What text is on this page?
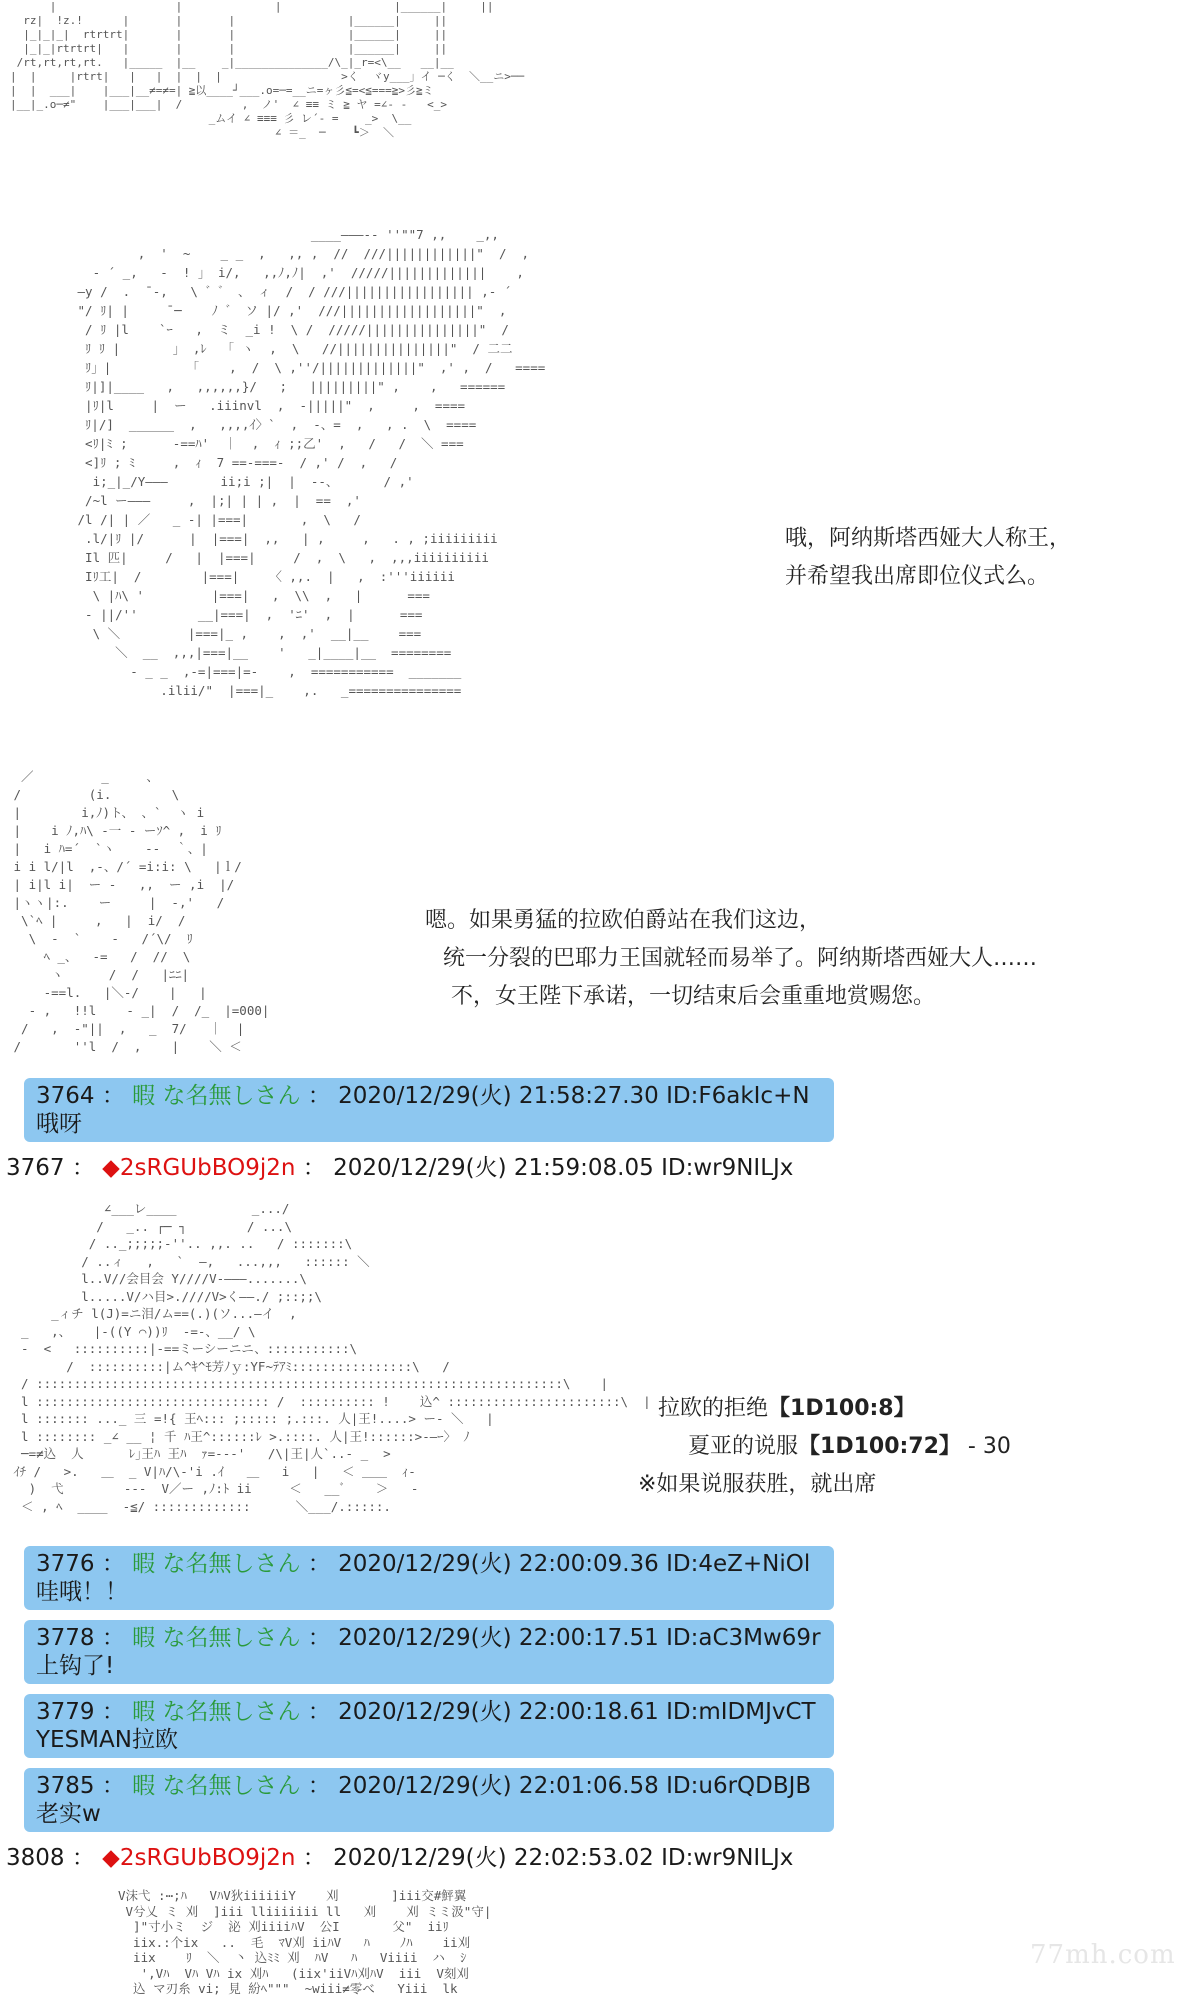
|                  |              |                 |______|     ||
rz|  !z.!      |       |       |                 |______|     ||
|_|_|_|  rtrtrt|       |       |                 |______|     ||
|_|_|rtrtrt|   |       |       |                 |______|     ||
/rt,rt,rt,rt.   |_____  |__    _|______________/\_|_r=<\__   __|__
|  |     |rtrt|   |   |  |  |  |                  >く  ヾy___」イ ─く  ＼__ニ>──
|  |  ___|    |___|__≠=≠=| ≧以____┘___.o=─=__ニ=ヶ彡≦=<≦===≧>彡≧ミ
|__|_.o─≠"    |___|___|  /         ,  ノ'  ∠ ≡≡ ミ ≧ ヤ =∠‐ ‐   <_>
_ムイ ∠ ≡≡≡ 彡 レ´‐ =    _>  \__
∠ ＝_  ─    ┗＞  ＼
____―――‐‐ ''""7 ,,    _,,
,  '  ~    _ _  ,   ,, ,  //  ///||||||||||||"  /  ,
‐ ´ _,   -  ! 」 i/,   ,,ﾉ,ﾉ|  ,'  /////|||||||||||||    ,
―y /  .  ̄ -,   \ ゛゛ 、 ィ  /  / ///||||||||||||||||| ,‐ ´
"/ ﾘ| |     ̄ ─    ﾉ ゛ ソ |/ ,'  ///||||||||||||||||||"  ,
/ ﾘ |l    `ｰ   ,  ミ  _i !  \ /  /////|||||||||||||||"  /
ﾘ ﾘ |       」 ,ﾚ  「 ヽ  ,  \   //|||||||||||||||"  / 二二
ﾘ」|          「    ,  /  \ ,''/|||||||||||||"  ,' ,  /   ====
ﾘ|]|____   ,   ,,,,,,}/   ;   |||||||||" ,    ,   ======
|ﾘ|l     |  ー   .iiinvl  ,  ‐|||||"  ,     ,  ====
ﾘ|/]  ______  ,   ,,,,ｲ〉`  ,  ‐、=  ,   , .  \  ====
<ﾘ|ﾐ ;      ‐==ﾊ'  ｜  ,  ｨ ;;乙'  ,   /   /  ＼ ===
<]ﾘ ; ﾐ     ,  ｨ  7 ==-===-  / ,' /  ,   /
i;_|_/Y―――       ii;i ;|  |  ‐-、      / ,'
/~l ー―――     ,  |;| | | ,  |  ==  ,'
/l /| | ／   _ ‐| |===|       ,  \   /
.l/|ﾘ |/      |  |===|  ,,   | ,     ,   . , ;iiiiiiiii
Il 匹|     /   |  |===|     /  ,  \   ,  ,,,iiiiiiiiii
Iﾘ工|  /        |===|    〈 ,,.  |   ,  :'''iiiiii
\ |ﾊ\ '         |===|   ,  \\  ,   |      ===
‐ ||/''        __|===|  ,  'ﾆ'  ,  |      ===
\ ＼         |===|_ ,    ,  ,'  __|__    ===
＼  __  ,,,|===|__    '   _|____|__  ========
‐ _ _  ,-=|===|=-    ,  ===========  _______
.ilii/"  |===|_    ,.   _===============
哦，阿纳斯塔西娅大人称王，
并希望我出席即位仪式么。
／         _     、
/         (i.        \
|        i,ﾉ)ト、 、`  ヽ i
|    i ﾉ,ﾊ\ ‐一 - ーｿ^ ,  i ﾘ
|   i ﾊ=´  `ヽ    ‐‐  ｀、|
i i l/|l  ,‐、/´ =i:i: \   |ｌ/
| i|l i|  ー ‐   ,,  ー ,i  |/
|ヽヽ|:.    ー     |  ‐,'   /
\`ﾍ |     ,   |  i/  /
\  ‐  `    -   /´\/  ﾘ
ﾍ _、  ‐=   /  //  \
ヽ      /  /   |ﾆﾆ|
-==l.   |＼‐/    |   |
‐ ,   !!l    ‐ _|  /  /_  |=000|
/   ,  ‐"||  ,   _  7/   ｜  |
/       ''l  /  ,    |    ＼ ＜
嗯。如果勇猛的拉欧伯爵站在我们这边，
统一分裂的巴耶力王国就轻而易举了。阿纳斯塔西娅大人……
不，女王陛下承诺，一切结束后会重重地赏赐您。
3764 ： 暇 な名無しさん ： 2020/12/29(火) 21:58:27.30 ID:F6akIc+N
哦呀
3767 ： ◆2sRGUbBO9j2n ： 2020/12/29(火) 21:59:08.05 ID:wr9NILJx
∠___レ____          _.../
/   _.. ┌─ ┐        / ...\
/ .._;;;;;-''.. ,,. ..   / :::::::\
/ ..ィ   ,   `  ―,   ...,,,   :::::: ＼
l..V//会目会 Y////V-―――.......\
l.....V/ハ目>.////V>く――./ ;::;;\
_ィチ l(J)=ニ泪/ム==(.)(ソ...―イ  ,
_   ,、   |‐((Y ⌒))ﾘ  -=-、__/ \
‐  <   ::::::::::|‐==ミーシーニニ、:::::::::::\
/  ::::::::::|ム^ｷ^ﾓ芳ﾉｙ:YF~ﾃｱﾐ::::::::::::::::\   /
/ ::::::::::::::::::::::::::::::::::::::::::::::::::::::::::::::::::::::\    |
l ::::::::::::::::::::::::::::::: /  :::::::::: !    込^ :::::::::::::::::::::::\  |
l ::::::: ..._ 三 =!{ 王ﾍ::: ;::::: ;.:::. 人|王!....> ー‐ ＼   |
l :::::::: _∠ __ ¦ 千 ﾊ王^::::::ﾚ >.::::. 人|王!::::::>-―ｰ〉 ﾉ
─=≠込  人      ﾚ｣王ﾊ 王ﾊ  ｧ=--‐'   /\|王|人`..‐ _  >
ｲﾁ /   >.   ＿  _ V|ﾊ/\-'i .ｲ   ＿   i   |   ＜ ＿＿  ｨ-
)  弋        ---  V／ー ,ﾉ:ﾄ ii     ＜   __ﾞ    ＞   -
＜ , ﾍ  ____  ‐≦/ :::::::::::::      ＼___/.:::::.
拉欧的拒绝【1D100:8】
夏亚的说服【1D100:72】 - 30
※如果说服获胜，就出席
3776 ： 暇 な名無しさん ： 2020/12/29(火) 22:00:09.36 ID:4eZ+NiOl
哇哦！！
3778 ： 暇 な名無しさん ： 2020/12/29(火) 22:00:17.51 ID:aC3Mw69r
上钩了!
3779 ： 暇 な名無しさん ： 2020/12/29(火) 22:00:18.61 ID:mIDMJvCT
YESMAN拉欧
3785 ： 暇 な名無しさん ： 2020/12/29(火) 22:01:06.58 ID:u6rQDBJB
老实w
3808 ： ◆2sRGUbBO9j2n ： 2020/12/29(火) 22:02:53.02 ID:wr9NILJx
V沫弋 :⋯;ﾊ   VﾊV狄iiiiiiY    刈       ]iii交#鮃翼
V兮乂 ミ 刈  ]iii lliiiiiii ll   刈    刈 ミミ汲"守|
]"寸小ミ  ジ  泌 刈iiiiﾊV  公I       父"  iiﾘ
iix.:个ix   ..  毛  ﾏV刈 iiﾊV   ﾊ    ﾉﾊ    ii刈
iix    ﾘ  ＼  丶 込ﾐﾐ 刈  ﾊV   ﾊ   Viiii  ハ  ｼ
',Vﾊ  Vﾊ Vﾊ ix 刈ﾊ   (iix'iiVﾊ刈ﾊV  iii  V刻刈
込 マ刃糸 vi; 見 紛ﾍ"""  ~wiii≠零べ   Yiii  lk
77mh.com
